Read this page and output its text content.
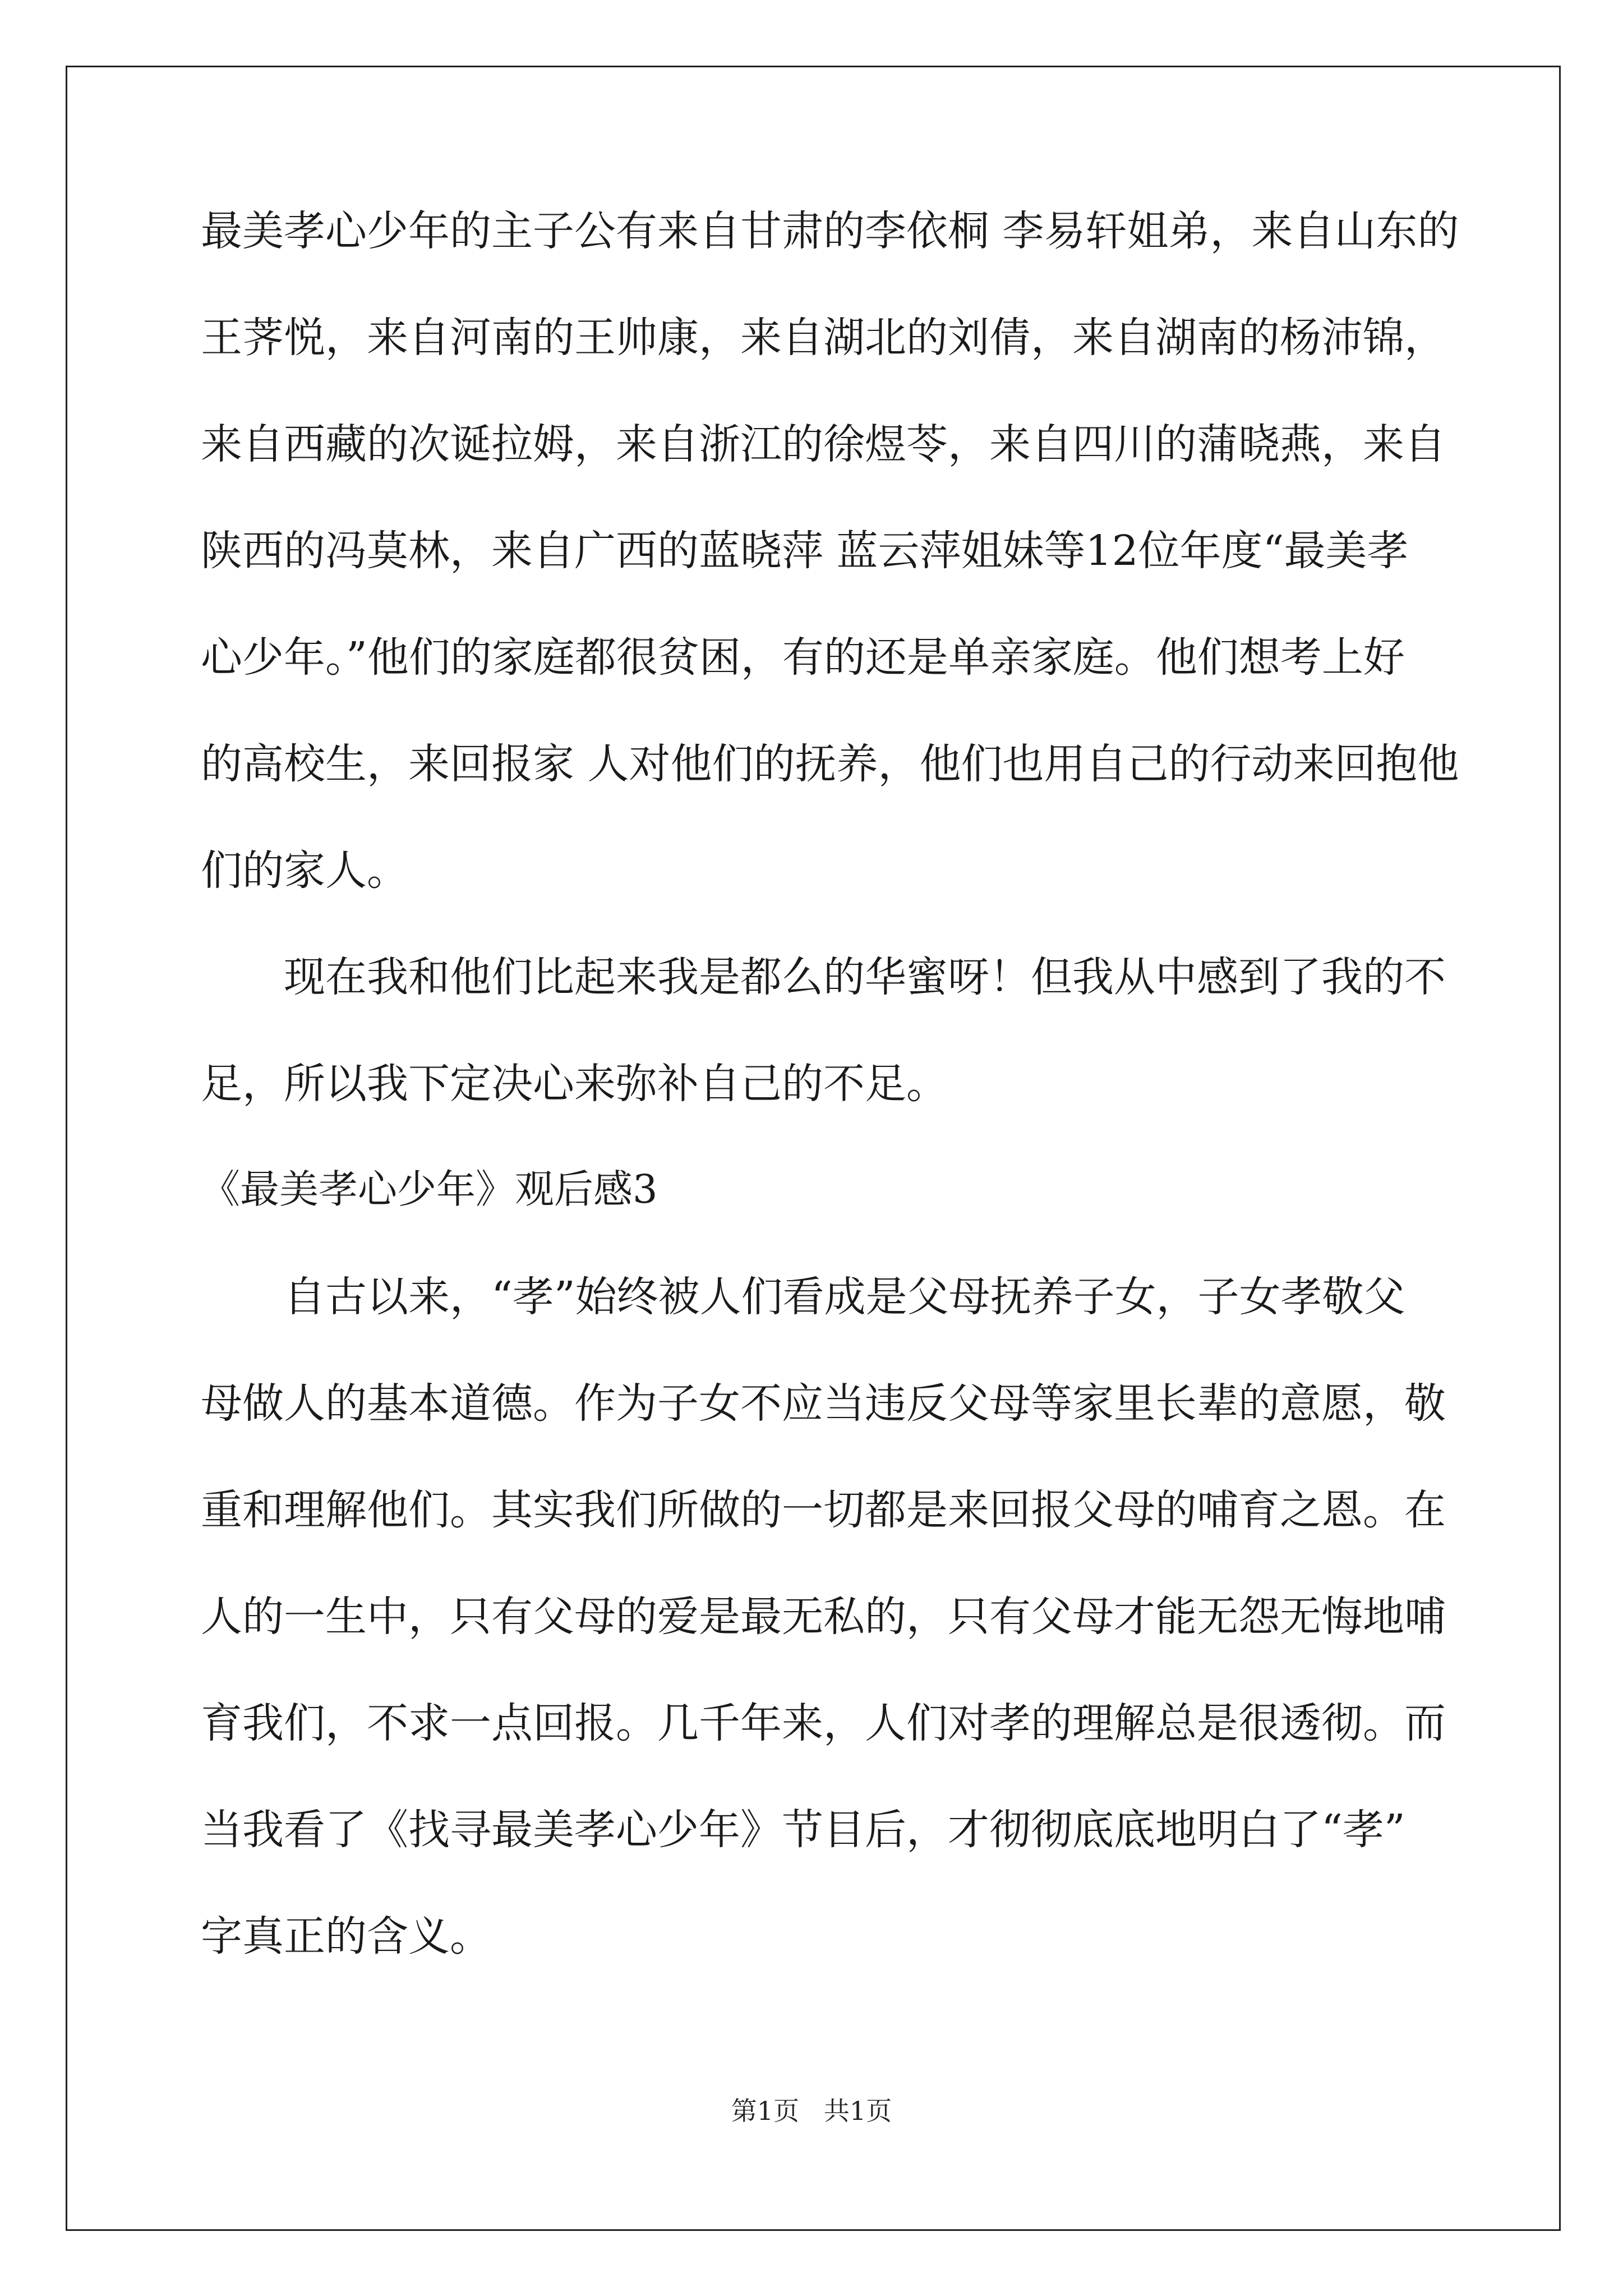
最美孝心少年的主子公有来自甘肃的李依桐 李易轩姐弟，来自山东的
王荠悦，来自河南的王帅康，来自湖北的刘倩，来自湖南的杨沛锦，
来自西藏的次诞拉姆，来自浙江的徐煜苓，来自四川的蒲晓燕，来自
陕西的冯莫林，来自广西的蓝晓萍 蓝云萍姐妹等12位年度“最美孝
心少年。”他们的家庭都很贫困，有的还是单亲家庭。他们想考上好
的高校生，来回报家 人对他们的抚养，他们也用自己的行动来回抱他
们的家人。
现在我和他们比起来我是都么的华蜜呀！但我从中感到了我的不
足，所以我下定决心来弥补自己的不足。
《最美孝心少年》观后感3
自古以来，“孝”始终被人们看成是父母抚养子女，子女孝敬父
母做人的基本道德。作为子女不应当违反父母等家里长辈的意愿，敬
重和理解他们。其实我们所做的一切都是来回报父母的哺育之恩。在
人的一生中，只有父母的爱是最无私的，只有父母才能无怨无悔地哺
育我们，不求一点回报。几千年来，人们对孝的理解总是很透彻。而
当我看了《找寻最美孝心少年》节目后，才彻彻底底地明白了“孝”
字真正的含义。
第1页   共1页
